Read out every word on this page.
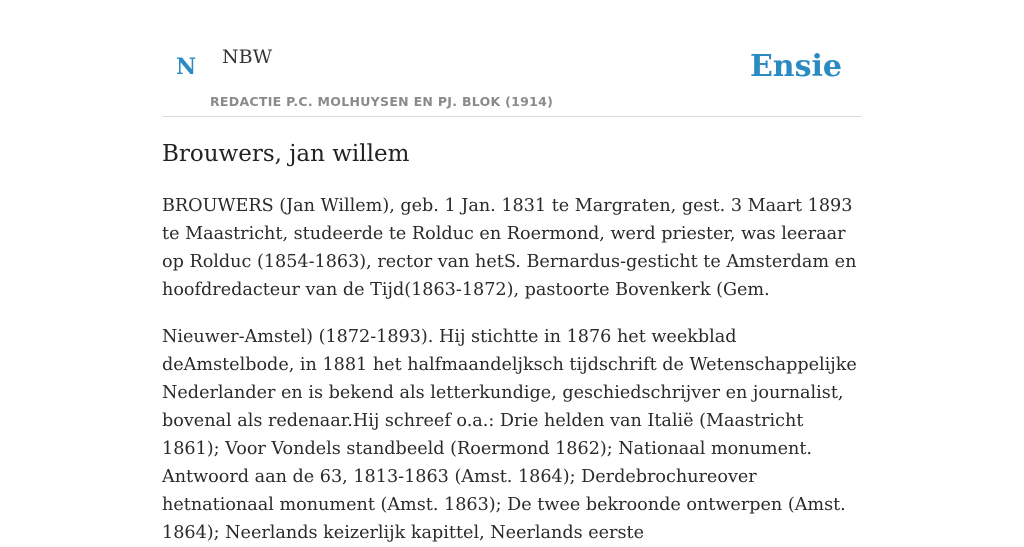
N NBW
REDACTIE P.C. MOLHUYSEN EN PJ. BLOK (1914)
Ensie
Brouwers, jan willem

BROUWERS (Jan Willem), geb. 1 Jan. 1831 te Margraten, gest. 3 Maart 1893 te Maastricht, studeerde te Rolduc en Roermond, werd priester, was leeraar op Rolduc (1854-1863), rector van hetS. Bernardus-gesticht te Amsterdam en hoofdredacteur van de Tijd(1863-1872), pastoorte Bovenkerk (Gem.

Nieuwer-Amstel) (1872-1893). Hij stichtte in 1876 het weekblad deAmstelbode, in 1881 het halfmaandeljksch tijdschrift de Wetenschappelijke Nederlander en is bekend als letterkundige, geschiedschrijver en journalist, bovenal als redenaar.Hij schreef o.a.: Drie helden van Italië (Maastricht 1861); Voor Vondels standbeeld (Roermond 1862); Nationaal monument. Antwoord aan de 63, 1813-1863 (Amst. 1864); Derdebrochureover hetnationaal monument (Amst. 1863); De twee bekroonde ontwerpen (Amst. 1864); Neerlands keizerlijk kapittel, Neerlands eerste
